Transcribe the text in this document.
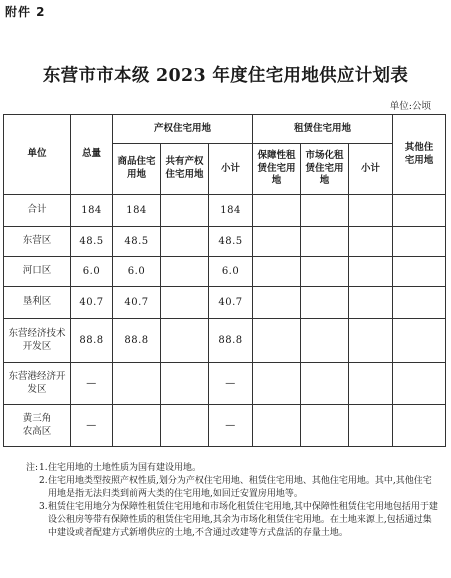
附件 2
东营市市本级 2023 年度住宅用地供应计划表
单位:公顷
单位	总量	产权住宅用地			租赁住宅用地			其他住宅用地

		商品住宅用地	共有产权住宅用地	小计	保障性租赁住宅用地	市场化租赁住宅用地	小计	
合计	184	184		184				
东营区	48.5	48.5		48.5				
河口区	6.0	6.0		6.0				
垦利区	40.7	40.7		40.7				

东营经济技术开发区	88.8	88.8		88.8				

东营港经济开发区	—			—				

黄三角农高区	—			—				
注: 1. 住宅用地的土地性质为国有建设用地。
2. 住宅用地类型按照产权性质,划分为产权住宅用地、租赁住宅用地、其他住宅用地。其中,其他住宅用地是指无法归类到前两大类的住宅用地,如回迁安置房用地等。
3. 租赁住宅用地分为保障性租赁住宅用地和市场化租赁住宅用地,其中保障性租赁住宅用地包括用于建设公租房等带有保障性质的租赁住宅用地,其余为市场化租赁住宅用地。在土地来源上,包括通过集中建设或者配建方式新增供应的土地,不含通过改建等方式盘活的存量土地。
